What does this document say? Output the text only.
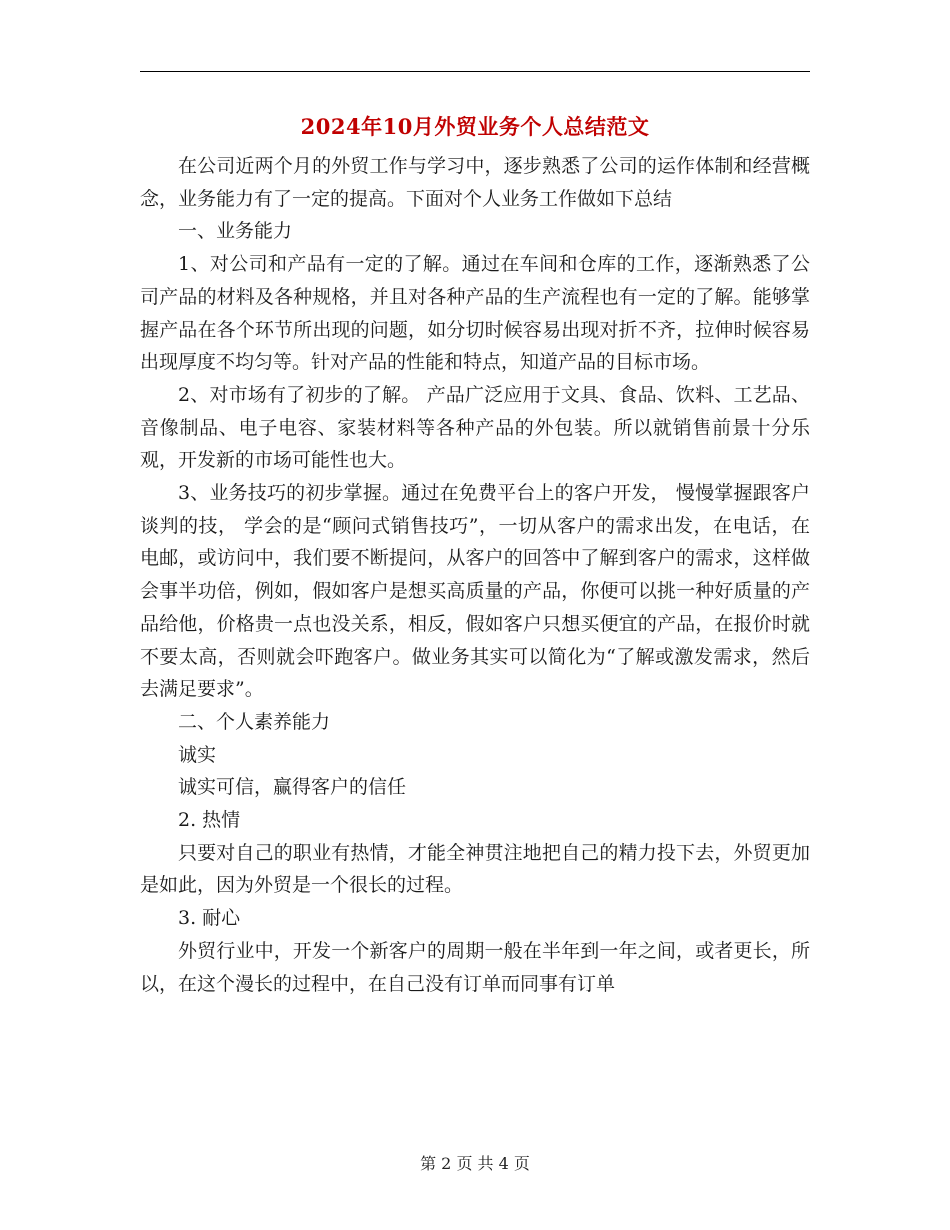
2024年10月外贸业务个人总结范文

在公司近两个月的外贸工作与学习中，逐步熟悉了公司的运作体制和经营概念，业务能力有了一定的提高。下面对个人业务工作做如下总结

一、业务能力

1、对公司和产品有一定的了解。通过在车间和仓库的工作，逐渐熟悉了公司产品的材料及各种规格，并且对各种产品的生产流程也有一定的了解。能够掌握产品在各个环节所出现的问题，如分切时候容易出现对折不齐，拉伸时候容易出现厚度不均匀等。针对产品的性能和特点，知道产品的目标市场。

2、对市场有了初步的了解。 产品广泛应用于文具、食品、饮料、工艺品、音像制品、电子电容、家装材料等各种产品的外包装。所以就销售前景十分乐观，开发新的市场可能性也大。

3、业务技巧的初步掌握。通过在免费平台上的客户开发， 慢慢掌握跟客户谈判的技， 学会的是“顾问式销售技巧”，一切从客户的需求出发，在电话，在电邮，或访问中，我们要不断提问，从客户的回答中了解到客户的需求，这样做会事半功倍，例如，假如客户是想买高质量的产品，你便可以挑一种好质量的产品给他，价格贵一点也没关系，相反，假如客户只想买便宜的产品，在报价时就不要太高，否则就会吓跑客户。做业务其实可以简化为“了解或激发需求，然后去满足要求”。

二、个人素养能力

诚实

诚实可信，赢得客户的信任

2. 热情

只要对自己的职业有热情，才能全神贯注地把自己的精力投下去，外贸更加是如此，因为外贸是一个很长的过程。

3. 耐心

外贸行业中，开发一个新客户的周期一般在半年到一年之间，或者更长，所以，在这个漫长的过程中，在自己没有订单而同事有订单

第 2 页 共 4 页
